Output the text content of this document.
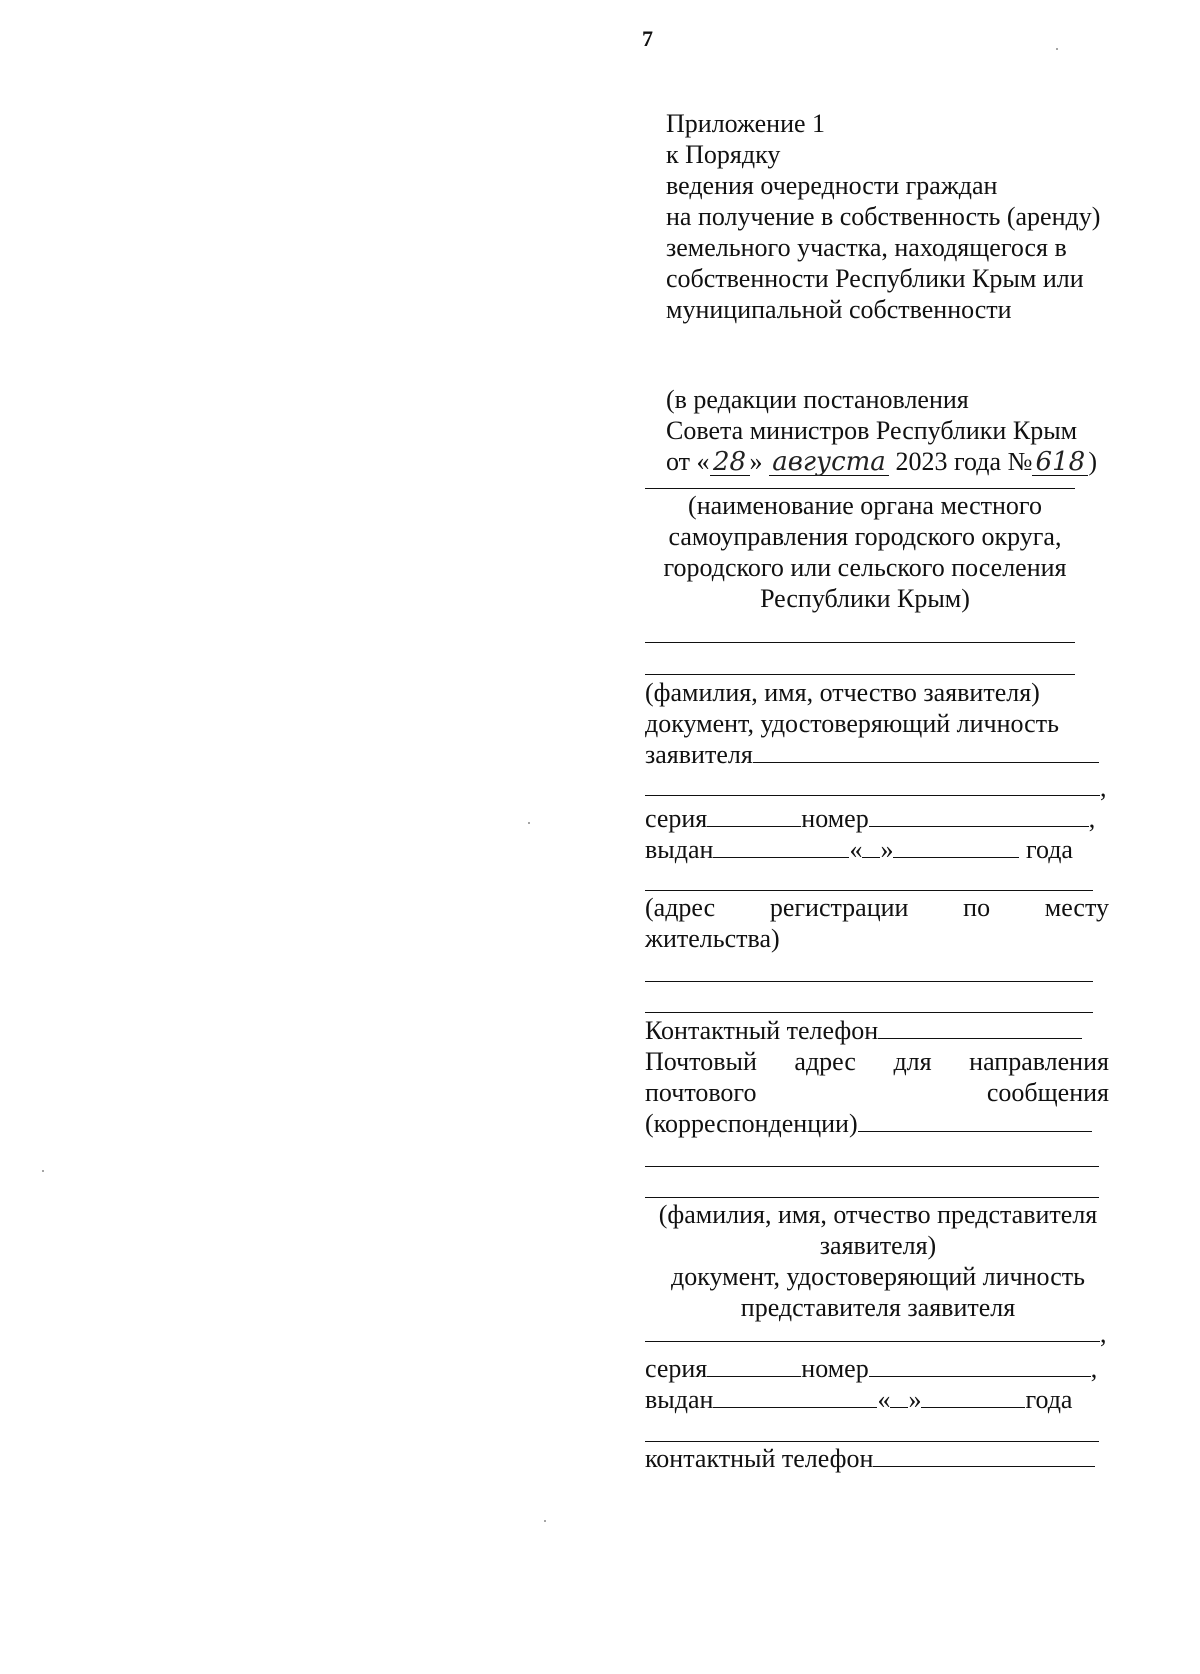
7
Приложение 1
к Порядку
ведения очередности граждан
на получение в собственность (аренду)
земельного участка, находящегося в
собственности Республики Крым или
муниципальной собственности
(в редакции постановления
Совета министров Республики Крым
от « 28 » августа 2023 года № 618 )
(наименование органа местного
самоуправления городского округа,
городского или сельского поселения
Республики Крым)
(фамилия, имя, отчество заявителя)
документ, удостоверяющий личность
заявителя
,
серия	номер	,
выдан	« »	года
(адрес регистрации по месту
жительства)
Контактный телефон
Почтовый адрес для направления
почтового	сообщения
(корреспонденции)
(фамилия, имя, отчество представителя
заявителя)
документ, удостоверяющий личность
представителя заявителя
,
серия	номер	,
выдан	« »	года
контактный телефон
